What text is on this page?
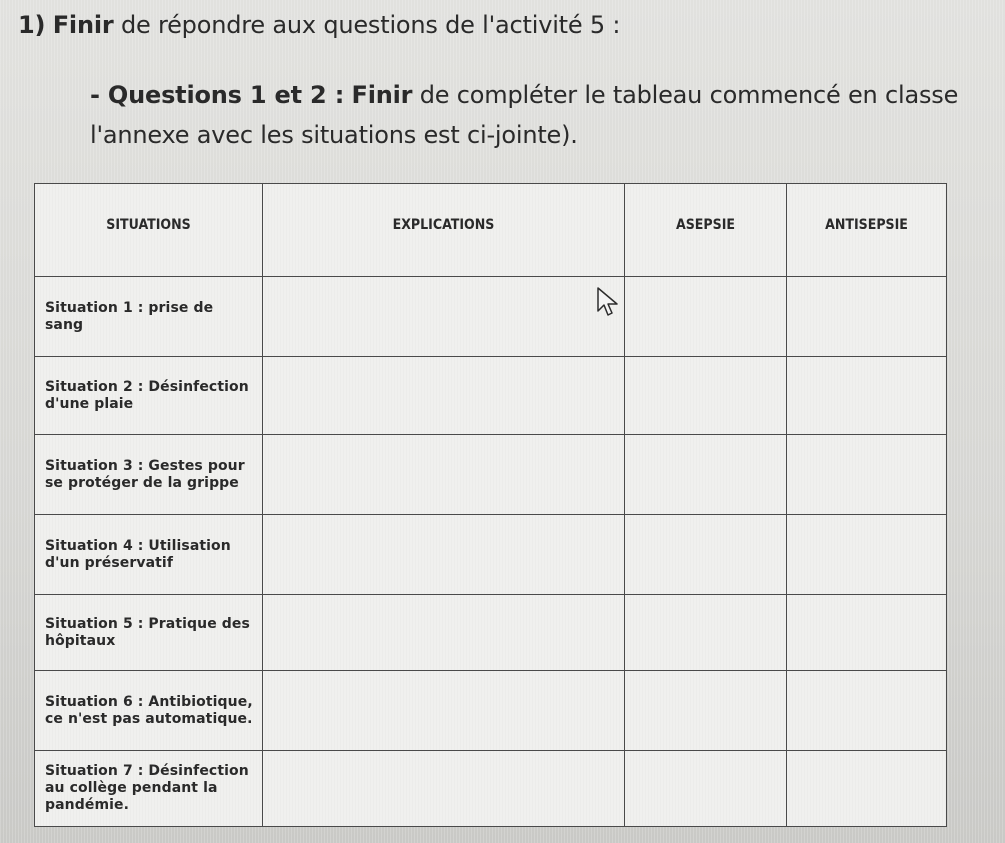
1) Finir de répondre aux questions de l'activité 5 :
- Questions 1 et 2 : Finir de compléter le tableau commencé en classe l'annexe avec les situations est ci-jointe).
SITUATIONS	EXPLICATIONS	ASEPSIE	ANTISEPSIE
Situation 1 : prise de sang			
Situation 2 : Désinfection d'une plaie			
Situation 3 : Gestes pour se protéger de la grippe			
Situation 4 : Utilisation d'un préservatif			
Situation 5 : Pratique des hôpitaux			
Situation 6 : Antibiotique, ce n'est pas automatique.			
Situation 7 : Désinfection au collège pendant la pandémie.			
